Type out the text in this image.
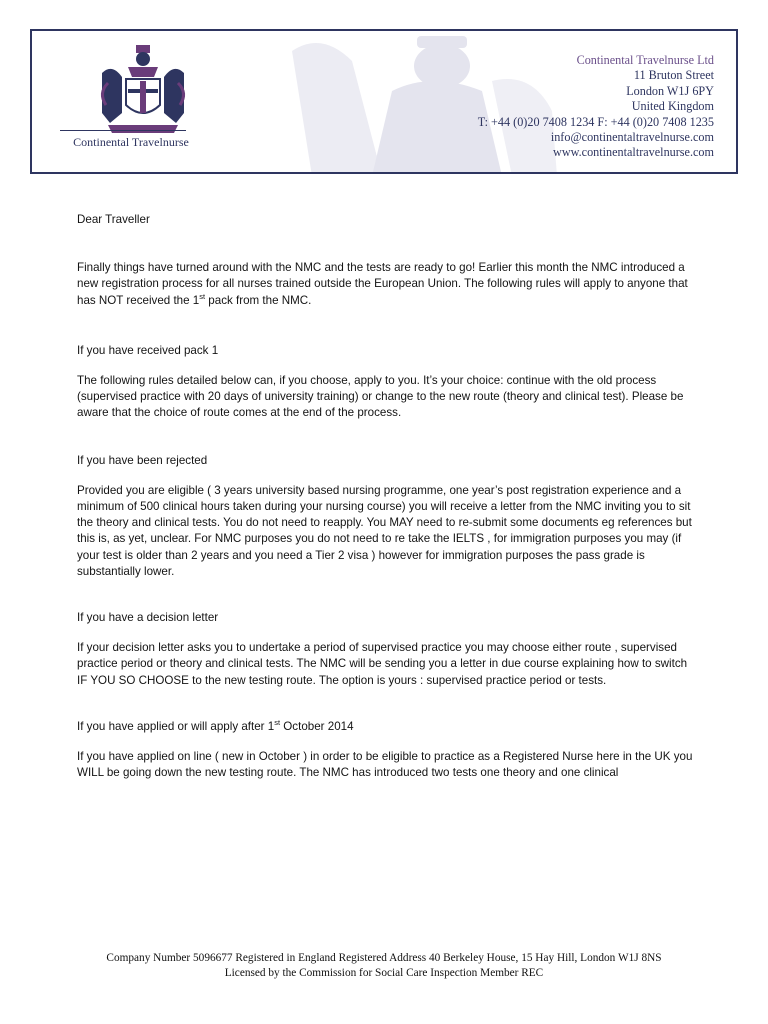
Continental Travelnurse
Continental Travelnurse Ltd
11 Bruton Street
London W1J 6PY
United Kingdom
T: +44 (0)20 7408 1234 F: +44 (0)20 7408 1235
info@continentaltravelnurse.com
www.continentaltravelnurse.com

Dear Traveller

Finally things have turned around with the NMC and the tests are ready to go! Earlier this month the NMC introduced a new registration process for all nurses trained outside the European Union. The following rules will apply to anyone that has NOT received the 1st pack from the NMC.

If you have received pack 1

The following rules detailed below can, if you choose, apply to you. It’s your choice: continue with the old process (supervised practice with 20 days of university training) or change to the new route (theory and clinical test). Please be aware that the choice of route comes at the end of the process.

If you have been rejected

Provided you are eligible ( 3 years university based nursing programme, one year’s post registration experience and a minimum of 500 clinical hours taken during your nursing course) you will receive a letter from the NMC inviting you to sit the theory and clinical tests. You do not need to reapply. You MAY need to re-submit some documents eg references but this is, as yet, unclear. For NMC purposes you do not need to re take the IELTS , for immigration purposes you may (if your test is older than 2 years and you need a Tier 2 visa ) however for immigration purposes the pass grade is substantially lower.

If you have a decision letter

If your decision letter asks you to undertake a period of supervised practice you may choose either route , supervised practice period or theory and clinical tests. The NMC will be sending you a letter in due course explaining how to switch IF YOU SO CHOOSE to the new testing route. The option is yours : supervised practice period or tests.

If you have applied or will apply after 1st October 2014

If you have applied on line ( new in October ) in order to be eligible to practice as a Registered Nurse here in the UK you WILL be going down the new testing route. The NMC has introduced two tests one theory and one clinical

Company Number 5096677 Registered in England Registered Address 40 Berkeley House, 15 Hay Hill, London W1J 8NS
Licensed by the Commission for Social Care Inspection Member REC
